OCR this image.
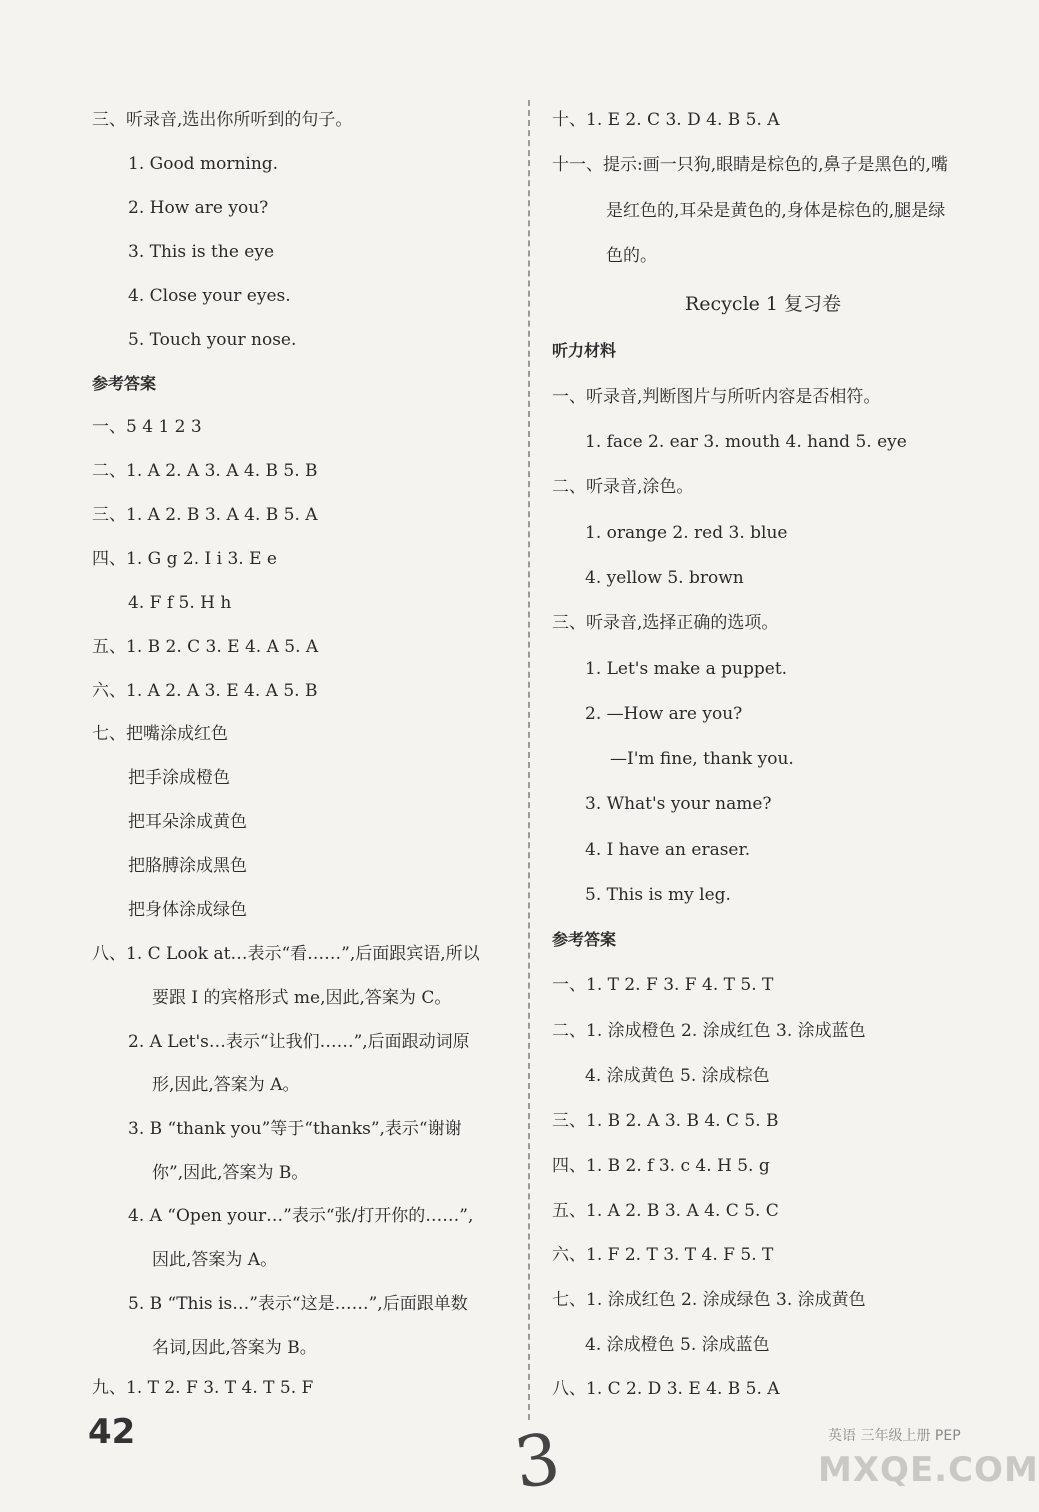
三、听录音,选出你所听到的句子。
1. Good morning.
2. How are you?
3. This is the eye
4. Close your eyes.
5. Touch your nose.
参考答案
一、5 4 1 2 3
二、1. A 2. A 3. A 4. B 5. B
三、1. A 2. B 3. A 4. B 5. A
四、1. G g 2. I i 3. E e
4. F f 5. H h
五、1. B 2. C 3. E 4. A 5. A
六、1. A 2. A 3. E 4. A 5. B
七、把嘴涂成红色
把手涂成橙色
把耳朵涂成黄色
把胳膊涂成黑色
把身体涂成绿色
八、1. C Look at…表示“看……”,后面跟宾语,所以
要跟 I 的宾格形式 me,因此,答案为 C。
2. A Let's…表示“让我们……”,后面跟动词原
形,因此,答案为 A。
3. B “thank you”等于“thanks”,表示“谢谢
你”,因此,答案为 B。
4. A “Open your…”表示“张/打开你的……”,
因此,答案为 A。
5. B “This is…”表示“这是……”,后面跟单数
名词,因此,答案为 B。
九、1. T 2. F 3. T 4. T 5. F
十、1. E 2. C 3. D 4. B 5. A
十一、提示:画一只狗,眼睛是棕色的,鼻子是黑色的,嘴
是红色的,耳朵是黄色的,身体是棕色的,腿是绿
色的。
Recycle 1 复习卷
听力材料
一、听录音,判断图片与所听内容是否相符。
1. face 2. ear 3. mouth 4. hand 5. eye
二、听录音,涂色。
1. orange 2. red 3. blue
4. yellow 5. brown
三、听录音,选择正确的选项。
1. Let's make a puppet.
2. —How are you?
—I'm fine, thank you.
3. What's your name?
4. I have an eraser.
5. This is my leg.
参考答案
一、1. T 2. F 3. F 4. T 5. T
二、1. 涂成橙色 2. 涂成红色 3. 涂成蓝色
4. 涂成黄色 5. 涂成棕色
三、1. B 2. A 3. B 4. C 5. B
四、1. B 2. f 3. c 4. H 5. g
五、1. A 2. B 3. A 4. C 5. C
六、1. F 2. T 3. T 4. F 5. T
七、1. 涂成红色 2. 涂成绿色 3. 涂成黄色
4. 涂成橙色 5. 涂成蓝色
八、1. C 2. D 3. E 4. B 5. A
42	英语 三年级上册 PEP
3	MXQE.COM
